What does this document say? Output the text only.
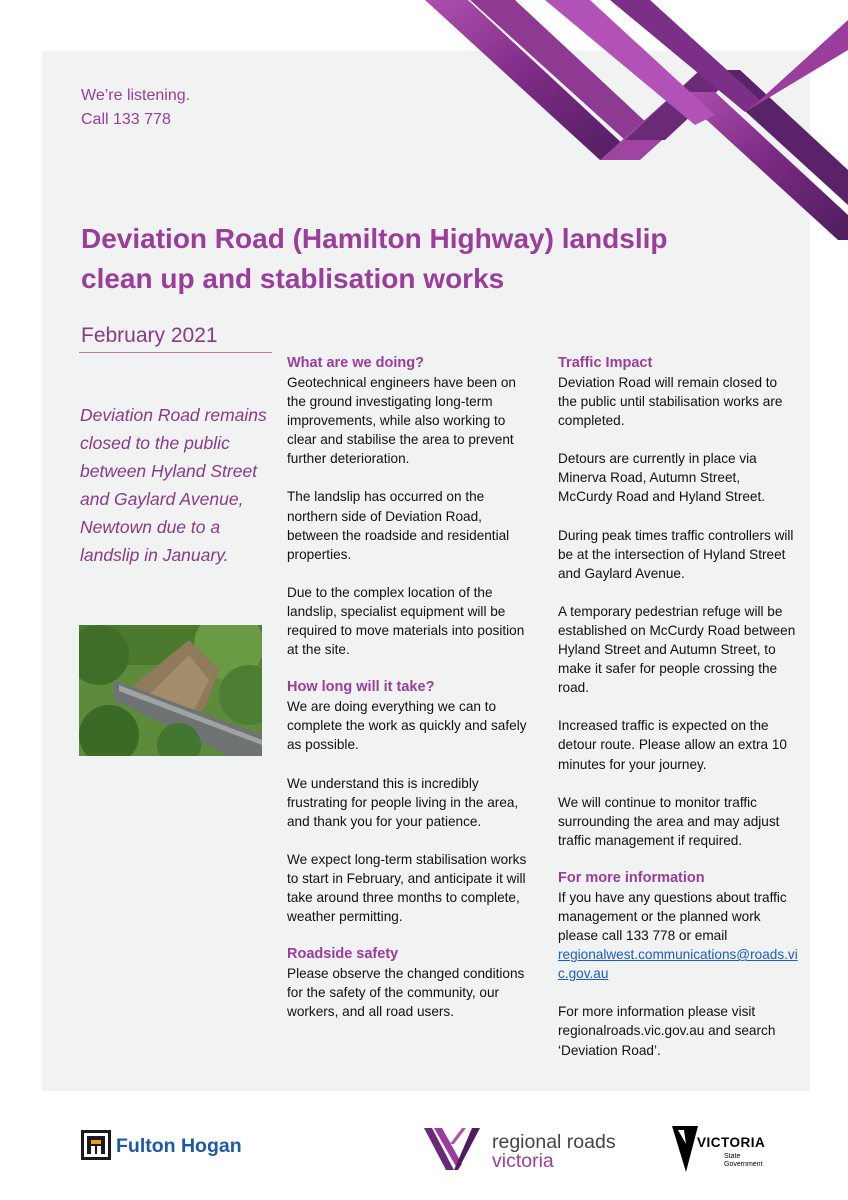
We’re listening.
Call 133 778
Deviation Road (Hamilton Highway) landslip
clean up and stablisation works
February 2021
Deviation Road remains closed to the public between Hyland Street and Gaylard Avenue, Newtown due to a landslip in January.
What are we doing?

Geotechnical engineers have been on the ground investigating long-term improvements, while also working to clear and stabilise the area to prevent further deterioration.

The landslip has occurred on the northern side of Deviation Road, between the roadside and residential properties.

Due to the complex location of the landslip, specialist equipment will be required to move materials into position at the site.

How long will it take?

We are doing everything we can to complete the work as quickly and safely as possible.

We understand this is incredibly frustrating for people living in the area, and thank you for your patience.

We expect long-term stabilisation works to start in February, and anticipate it will take around three months to complete, weather permitting.

Roadside safety

Please observe the changed conditions for the safety of the community, our workers, and all road users.

Traffic Impact

Deviation Road will remain closed to the public until stabilisation works are completed.

Detours are currently in place via Minerva Road, Autumn Street, McCurdy Road and Hyland Street.

During peak times traffic controllers will be at the intersection of Hyland Street and Gaylard Avenue.

A temporary pedestrian refuge will be established on McCurdy Road between Hyland Street and Autumn Street, to make it safer for people crossing the road.

Increased traffic is expected on the detour route. Please allow an extra 10 minutes for your journey.

We will continue to monitor traffic surrounding the area and may adjust traffic management if required.

For more information

If you have any questions about traffic management or the planned work please call 133 778 or email
regionalwest.communications@roads.vic.gov.au

For more information please visit regionalroads.vic.gov.au and search ‘Deviation Road’.

Fulton Hogan	regional roads
victoria
VICTORIA
State Government
